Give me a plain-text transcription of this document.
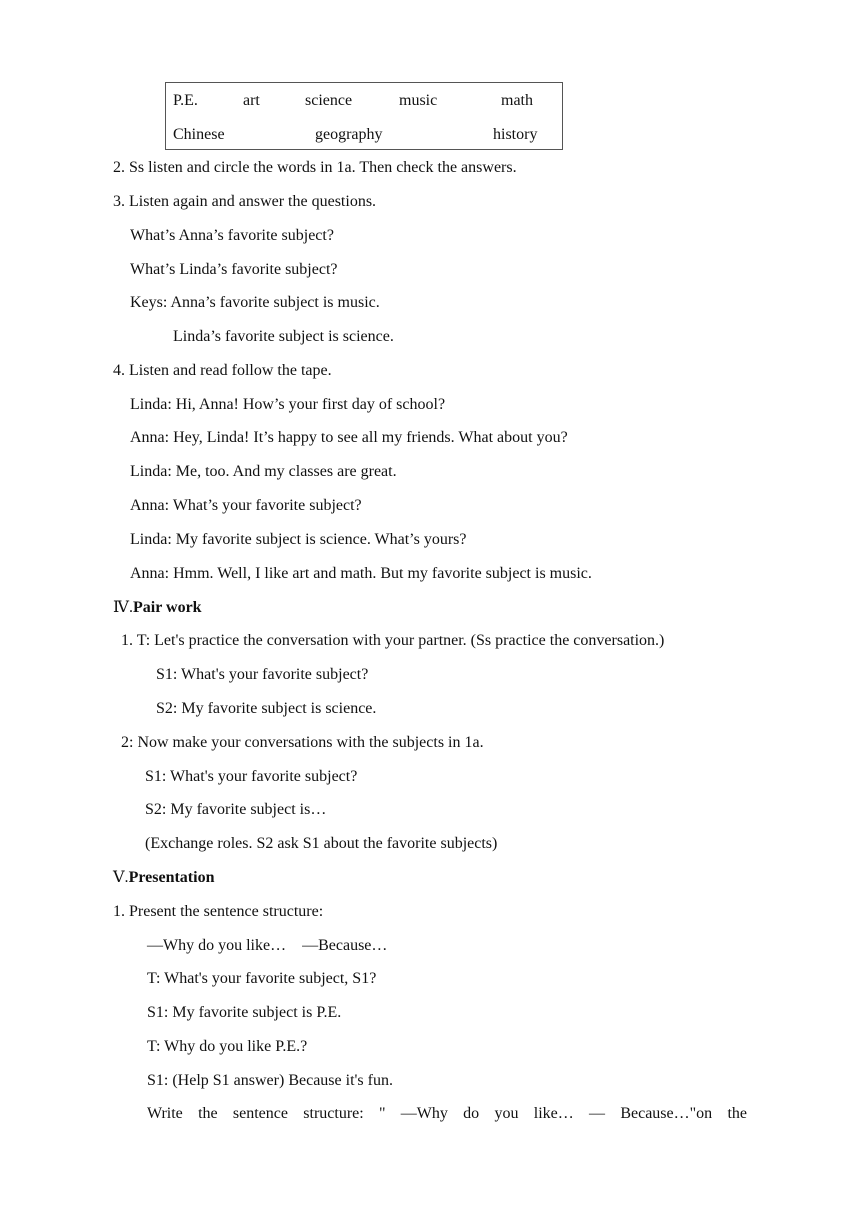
P.E.	art	science	music	math
Chinese	geography	history
2. Ss listen and circle the words in 1a. Then check the answers.
3. Listen again and answer the questions.
What’s Anna’s favorite subject?
What’s Linda’s favorite subject?
Keys: Anna’s favorite subject is music.
Linda’s favorite subject is science.
4. Listen and read follow the tape.
Linda: Hi, Anna! How’s your first day of school?
Anna: Hey, Linda! It’s happy to see all my friends. What about you?
Linda: Me, too. And my classes are great.
Anna: What’s your favorite subject?
Linda: My favorite subject is science. What’s yours?
Anna: Hmm. Well, I like art and math. But my favorite subject is music.
Ⅳ.Pair work
1. T: Let's practice the conversation with your partner. (Ss practice the conversation.)
S1: What's your favorite subject?
S2: My favorite subject is science.
2: Now make your conversations with the subjects in 1a.
S1: What's your favorite subject?
S2: My favorite subject is…
(Exchange roles. S2 ask S1 about the favorite subjects)
Ⅴ.Presentation
1. Present the sentence structure:
—Why do you like… —Because…
T: What's your favorite subject, S1?
S1: My favorite subject is P.E.
T: Why do you like P.E.?
S1: (Help S1 answer) Because it's fun.
Write the sentence structure: " —Why do you like… — Because…"on the
